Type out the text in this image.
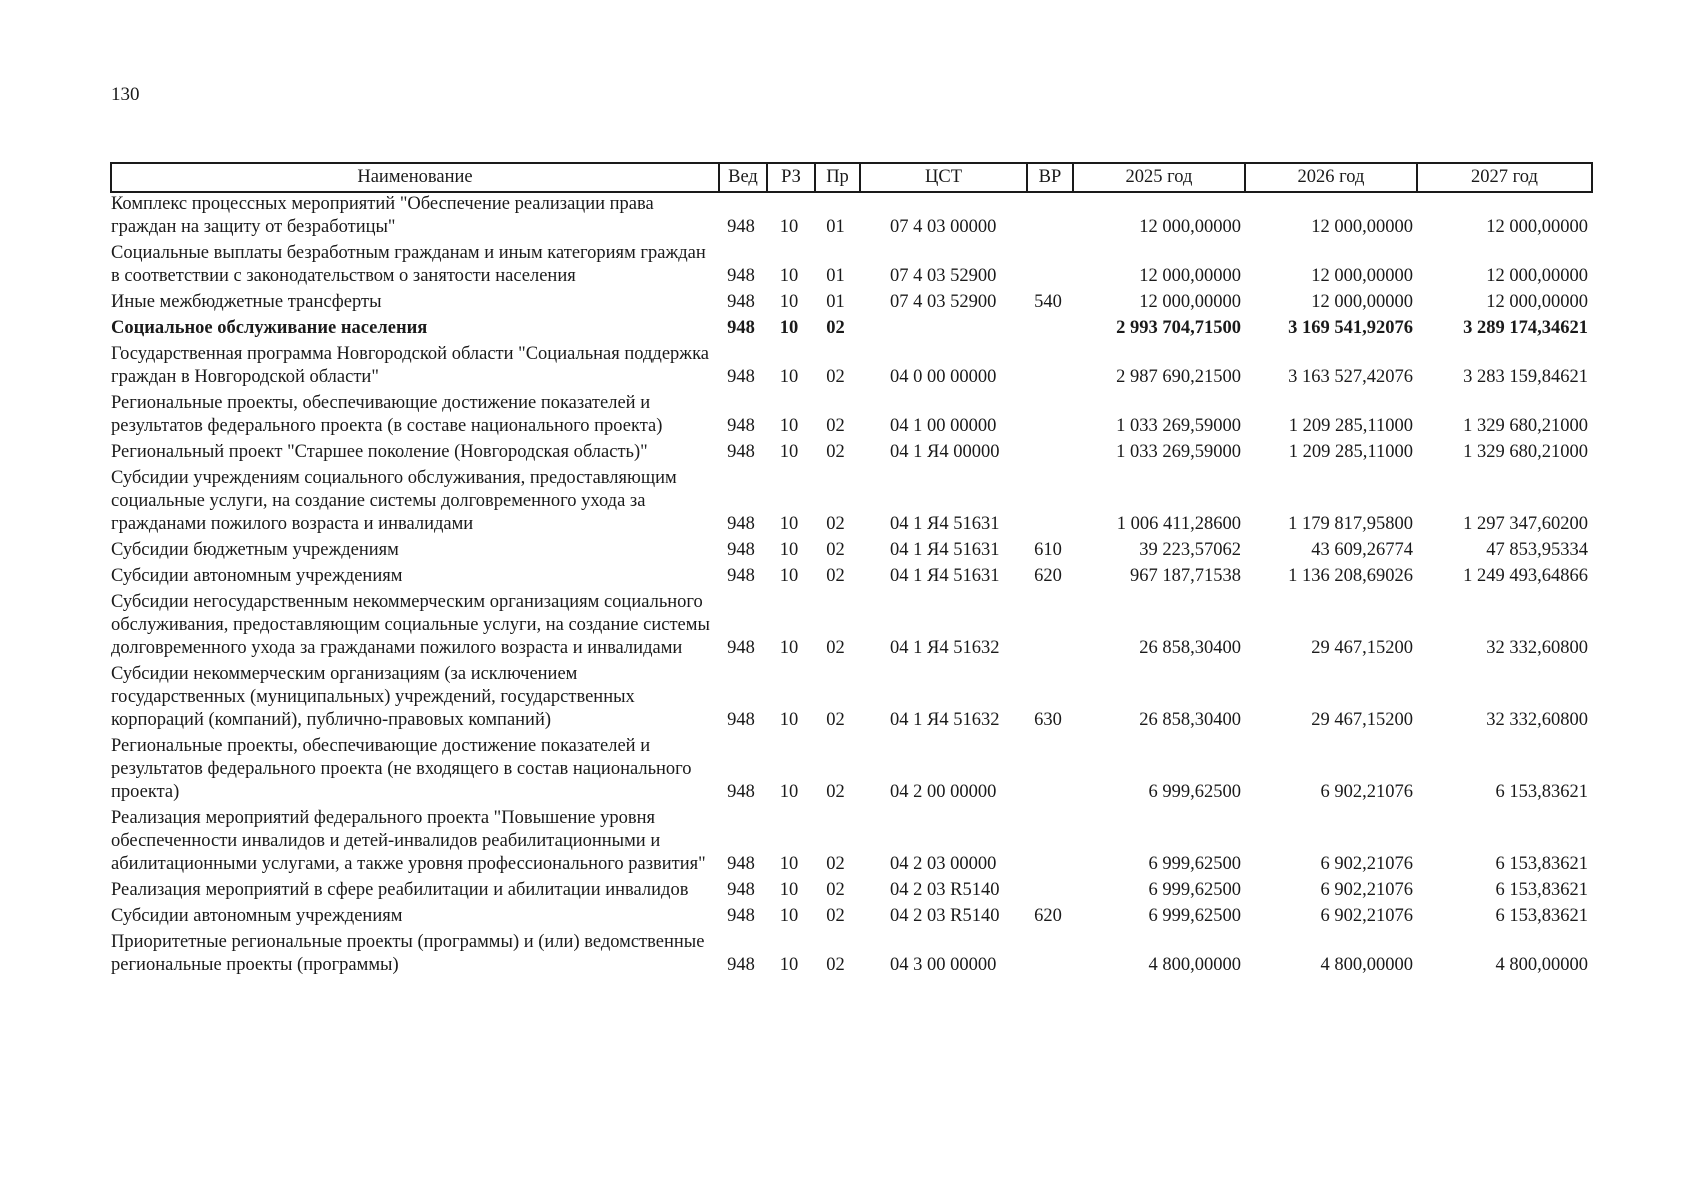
130
Наименование	Вед	РЗ	Пр	ЦСТ	ВР	2025 год	2026 год	2027 год
Комплекс процессных мероприятий "Обеспечение реализации права граждан на защиту от безработицы"	948	10	01	07 4 03 00000		12 000,00000	12 000,00000	12 000,00000
Социальные выплаты безработным гражданам и иным категориям граждан в соответствии с законодательством о занятости населения	948	10	01	07 4 03 52900		12 000,00000	12 000,00000	12 000,00000
Иные межбюджетные трансферты	948	10	01	07 4 03 52900	540	12 000,00000	12 000,00000	12 000,00000
Социальное обслуживание населения	948	10	02			2 993 704,71500	3 169 541,92076	3 289 174,34621
Государственная программа Новгородской области "Социальная поддержка граждан в Новгородской области"	948	10	02	04 0 00 00000		2 987 690,21500	3 163 527,42076	3 283 159,84621
Региональные проекты, обеспечивающие достижение показателей и результатов федерального проекта (в составе национального проекта)	948	10	02	04 1 00 00000		1 033 269,59000	1 209 285,11000	1 329 680,21000
Региональный проект "Старшее поколение (Новгородская область)"	948	10	02	04 1 Я4 00000		1 033 269,59000	1 209 285,11000	1 329 680,21000
Субсидии учреждениям социального обслуживания, предоставляющим социальные услуги, на создание системы долговременного ухода за гражданами пожилого возраста и инвалидами	948	10	02	04 1 Я4 51631		1 006 411,28600	1 179 817,95800	1 297 347,60200
Субсидии бюджетным учреждениям	948	10	02	04 1 Я4 51631	610	39 223,57062	43 609,26774	47 853,95334
Субсидии автономным учреждениям	948	10	02	04 1 Я4 51631	620	967 187,71538	1 136 208,69026	1 249 493,64866
Субсидии негосударственным некоммерческим организациям социального обслуживания, предоставляющим социальные услуги, на создание системы долговременного ухода за гражданами пожилого возраста и инвалидами	948	10	02	04 1 Я4 51632		26 858,30400	29 467,15200	32 332,60800
Субсидии некоммерческим организациям (за исключением государственных (муниципальных) учреждений, государственных корпораций (компаний), публично-правовых компаний)	948	10	02	04 1 Я4 51632	630	26 858,30400	29 467,15200	32 332,60800
Региональные проекты, обеспечивающие достижение показателей и результатов федерального проекта (не входящего в состав национального проекта)	948	10	02	04 2 00 00000		6 999,62500	6 902,21076	6 153,83621
Реализация мероприятий федерального проекта "Повышение уровня обеспеченности инвалидов и детей-инвалидов реабилитационными и абилитационными услугами, а также уровня профессионального развития"	948	10	02	04 2 03 00000		6 999,62500	6 902,21076	6 153,83621
Реализация мероприятий в сфере реабилитации и абилитации инвалидов	948	10	02	04 2 03 R5140		6 999,62500	6 902,21076	6 153,83621
Субсидии автономным учреждениям	948	10	02	04 2 03 R5140	620	6 999,62500	6 902,21076	6 153,83621
Приоритетные региональные проекты (программы) и (или) ведомственные региональные проекты (программы)	948	10	02	04 3 00 00000		4 800,00000	4 800,00000	4 800,00000
